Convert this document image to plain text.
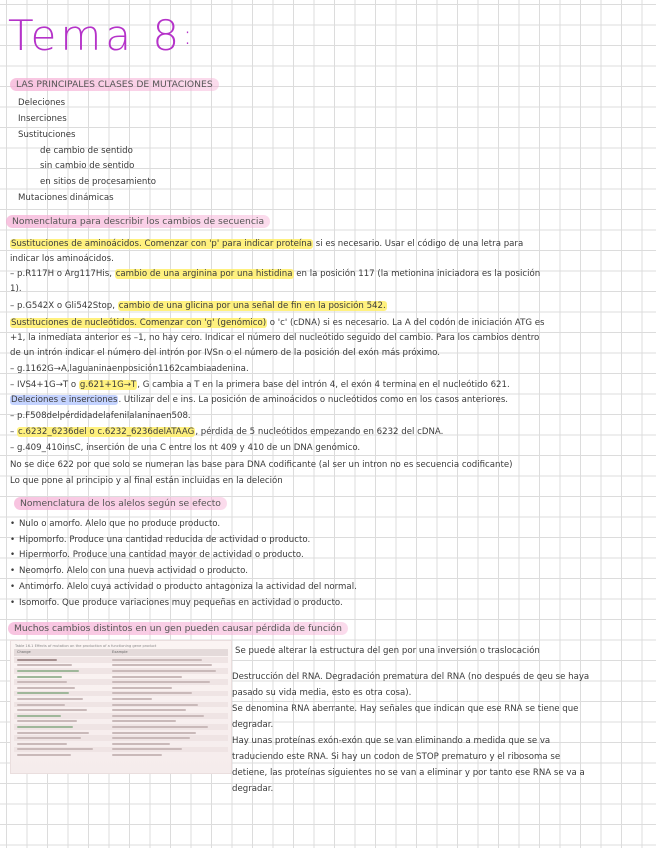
Tema 8:
LAS PRINCIPALES CLASES DE MUTACIONES
Deleciones
Inserciones
Sustituciones
de cambio de sentido
sin cambio de sentido
en sitios de procesamiento
Mutaciones dinámicas
Nomenclatura para describir los cambios de secuencia
Sustituciones de aminoácidos. Comenzar con 'p' para indicar proteína si es necesario. Usar el código de una letra para
indicar los aminoácidos.
– p.R117H o Arg117His, cambio de una arginina por una histidina en la posición 117 (la metionina iniciadora es la posición
1).
– p.G542X o Gli542Stop, cambio de una glicina por una señal de fin en la posición 542.
Sustituciones de nucleótidos. Comenzar con 'g' (genómico) o 'c' (cDNA) si es necesario. La A del codón de iniciación ATG es
+1, la inmediata anterior es –1, no hay cero. Indicar el número del nucleótido seguido del cambio. Para los cambios dentro
de un intrón indicar el número del intrón por IVSn o el número de la posición del exón más próximo.
– g.1162G→A,laguaninaenposición1162cambiaadenina.
– IVS4+1G→T o g.621+1G→T, G cambia a T en la primera base del intrón 4, el exón 4 termina en el nucleótido 621.
Deleciones e inserciones. Utilizar del e ins. La posición de aminoácidos o nucleótidos como en los casos anteriores.
– p.F508delpérdidadelafenilalaninaen508.
– c.6232_6236del o c.6232_6236delATAAG, pérdida de 5 nucleótidos empezando en 6232 del cDNA.
– g.409_410insC, inserción de una C entre los nt 409 y 410 de un DNA genómico.
No se dice 622 por que solo se numeran las base para DNA codificante (al ser un intron no es secuencia codificante)
Lo que pone al principio y al final están incluidas en la deleción
Nomenclatura de los alelos según se efecto
• Nulo o amorfo. Alelo que no produce producto.
• Hipomorfo. Produce una cantidad reducida de actividad o producto.
• Hipermorfo. Produce una cantidad mayor de actividad o producto.
• Neomorfo. Alelo con una nueva actividad o producto.
• Antimorfo. Alelo cuya actividad o producto antagoniza la actividad del normal.
• Isomorfo. Que produce variaciones muy pequeñas en actividad o producto.
Muchos cambios distintos en un gen pueden causar pérdida de función
Table 16.1 Effects of mutation on the production of a functioning gene product
Change	Example	Se puede alterar la estructura del gen por una inversión o traslocación
Destrucción del RNA. Degradación prematura del RNA (no después de qeu se haya
pasado su vida media, esto es otra cosa).
Se denomina RNA aberrante. Hay señales que indican que ese RNA se tiene que
degradar.
Hay unas proteínas exón-exón que se van eliminando a medida que se va
traduciendo este RNA. Si hay un codon de STOP prematuro y el ribosoma se
detiene, las proteínas siguientes no se van a eliminar y por tanto ese RNA se va a
degradar.
